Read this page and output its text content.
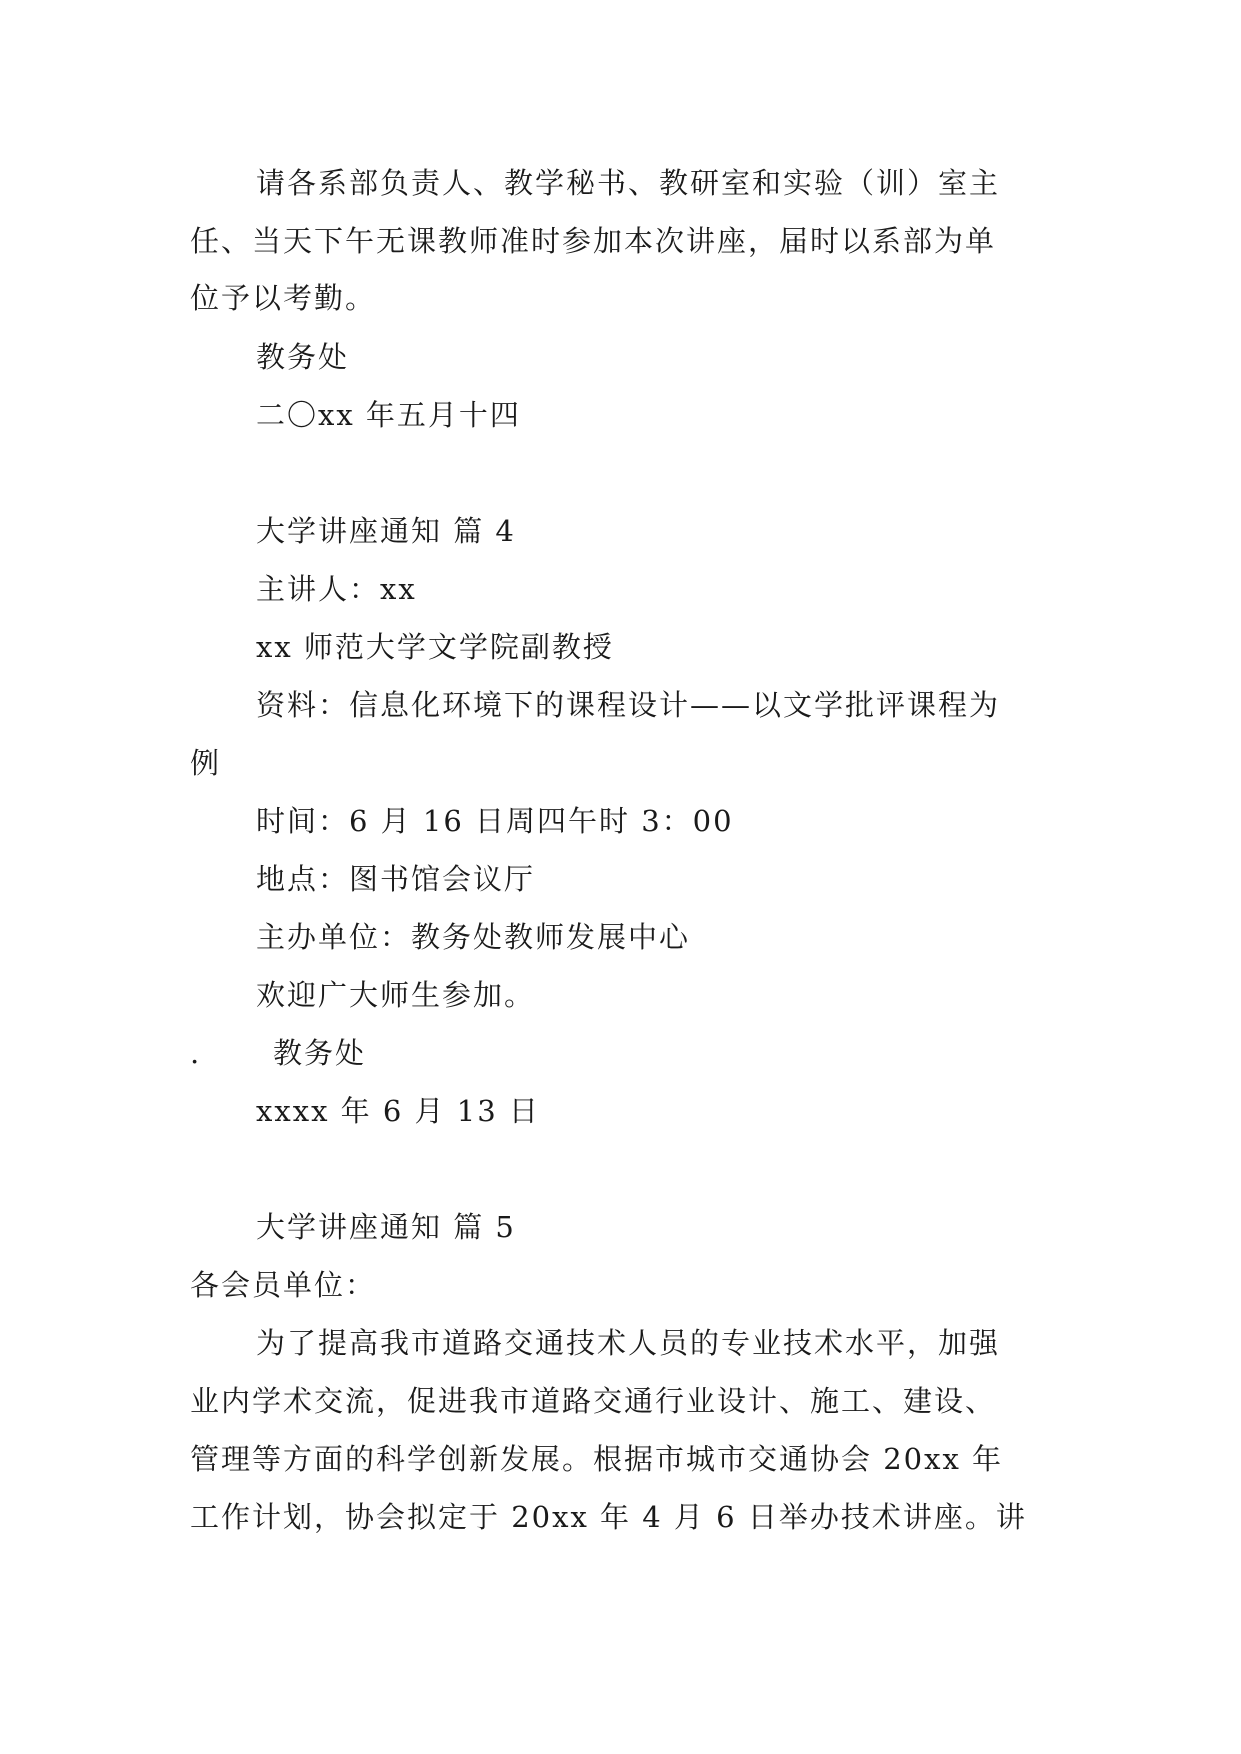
请各系部负责人、教学秘书、教研室和实验（训）室主
任、当天下午无课教师准时参加本次讲座，届时以系部为单
位予以考勤。
教务处
二〇xx 年五月十四
大学讲座通知 篇 4
主讲人：xx
xx 师范大学文学院副教授
资料：信息化环境下的课程设计——以文学批评课程为
例
时间：6 月 16 日周四午时 3：00
地点：图书馆会议厅
主办单位：教务处教师发展中心
欢迎广大师生参加。
.	教务处
xxxx 年 6 月 13 日
大学讲座通知 篇 5
各会员单位：
为了提高我市道路交通技术人员的专业技术水平，加强
业内学术交流，促进我市道路交通行业设计、施工、建设、
管理等方面的科学创新发展。根据市城市交通协会 20xx 年
工作计划，协会拟定于 20xx 年 4 月 6 日举办技术讲座。讲
